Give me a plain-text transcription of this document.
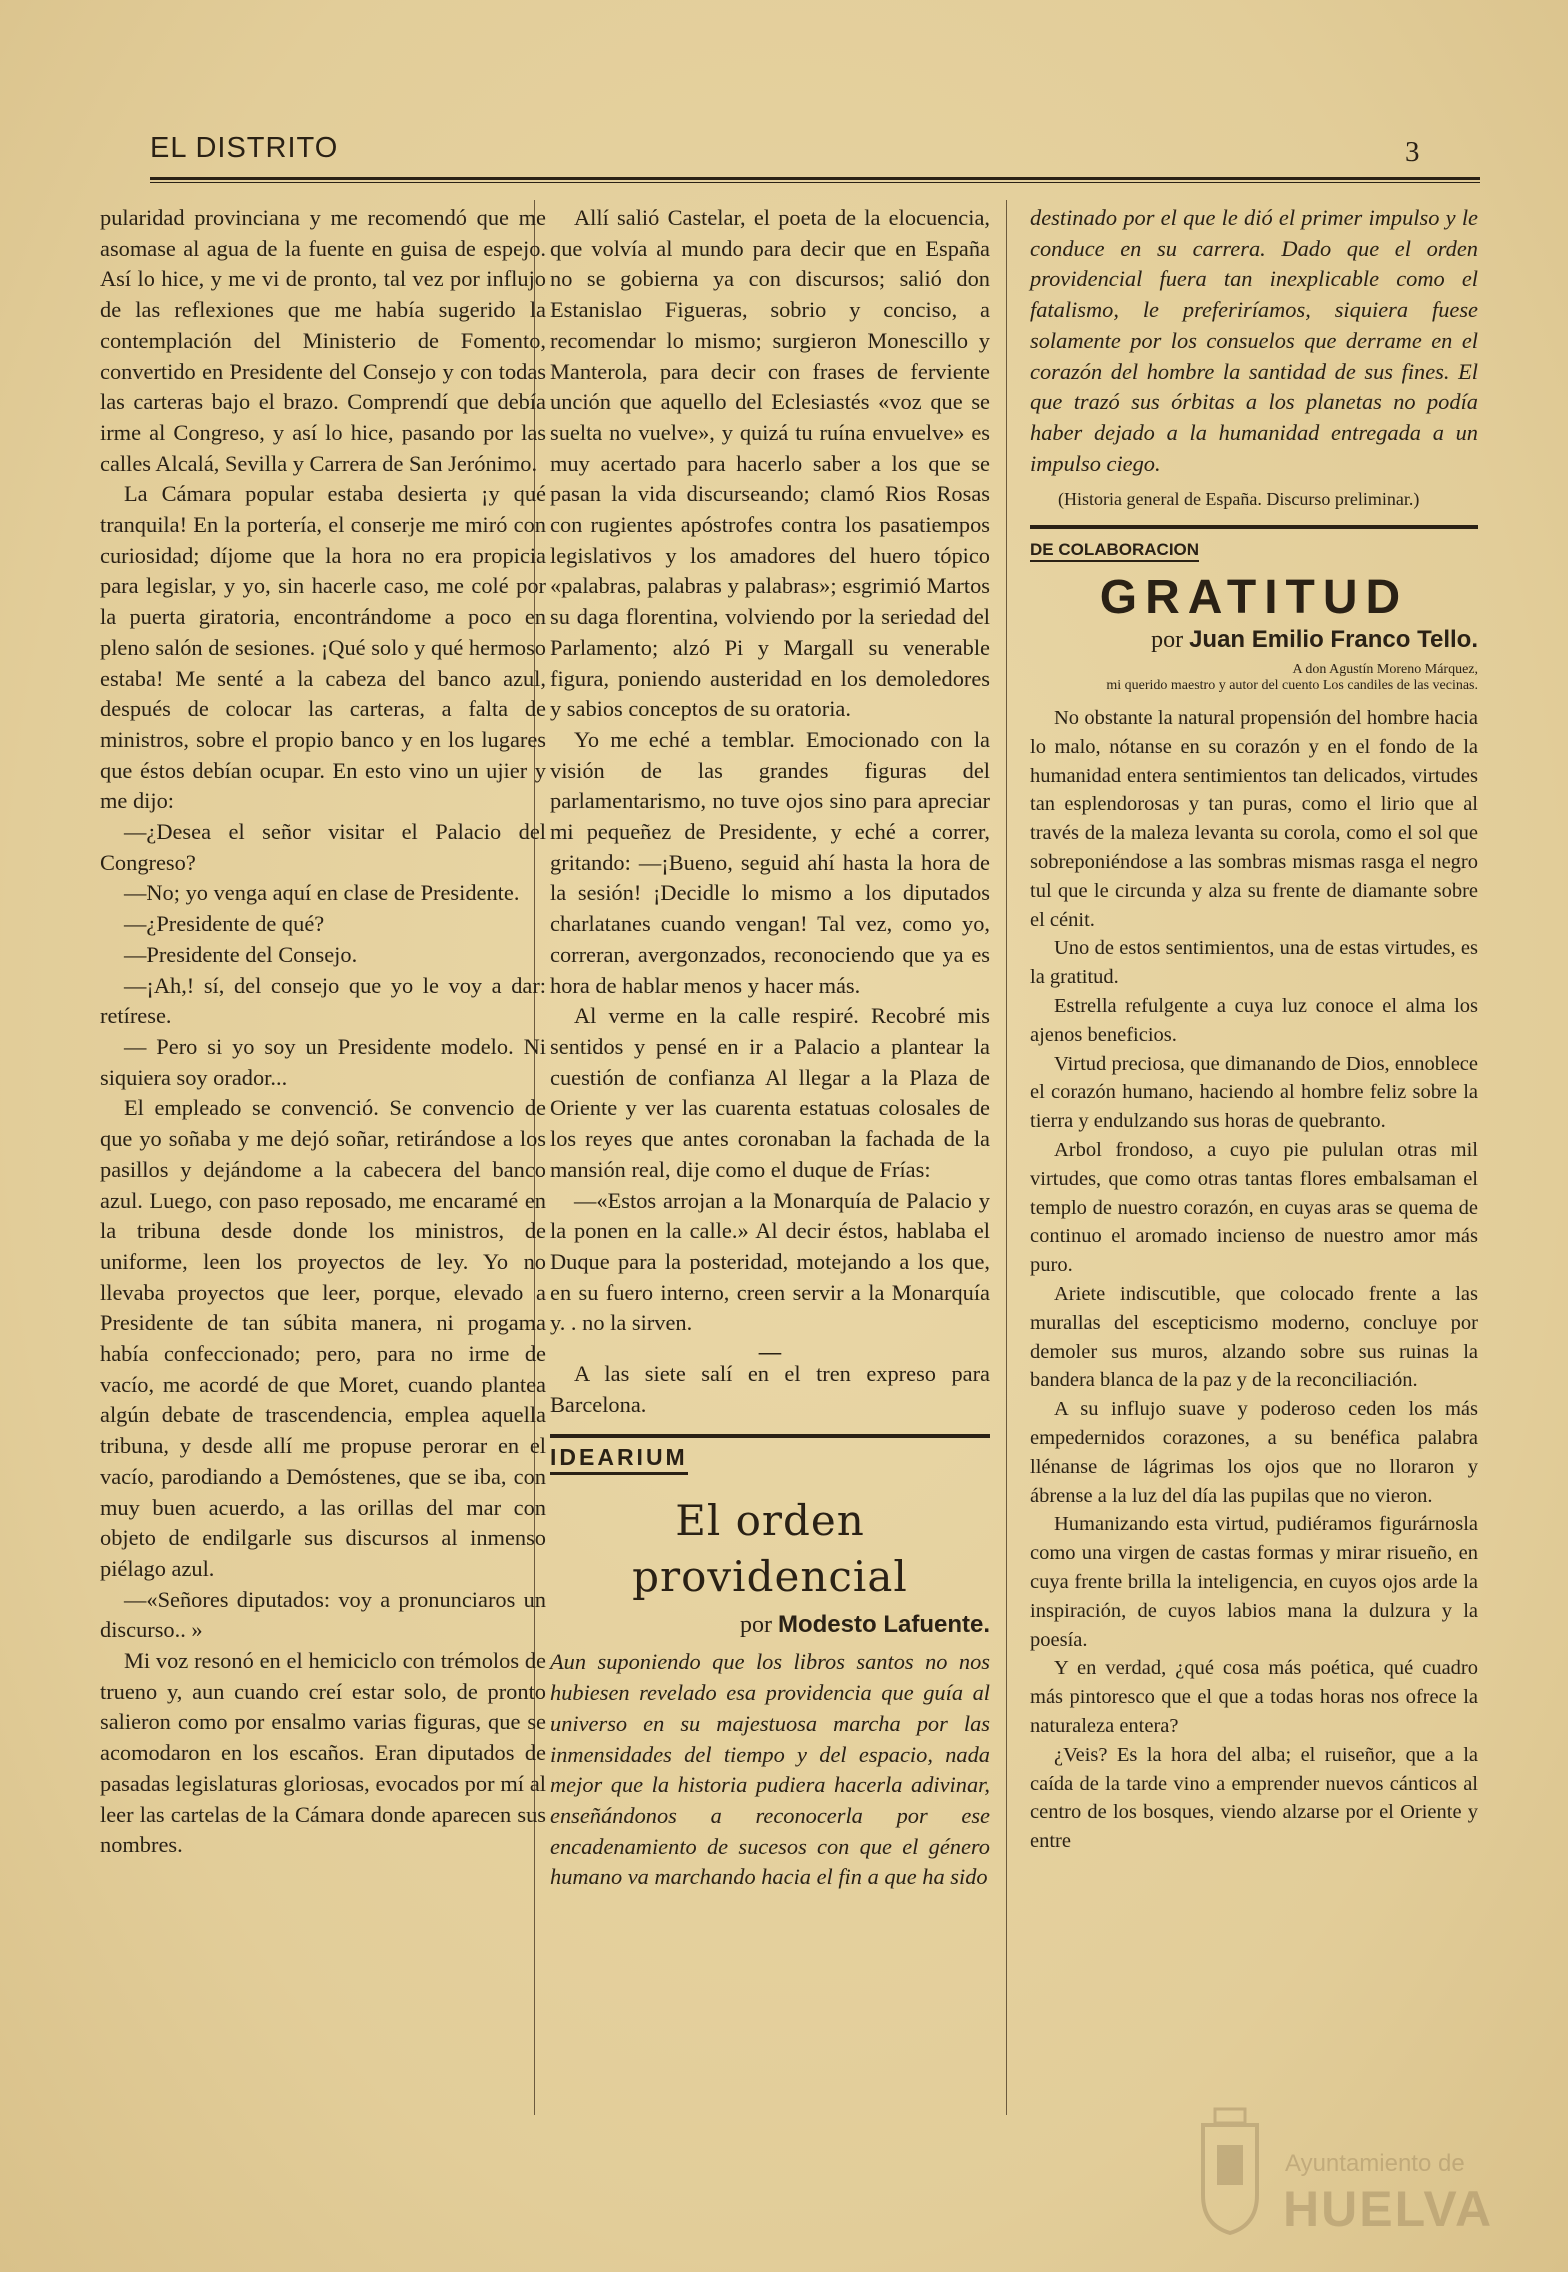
EL DISTRITO	3

pularidad provinciana y me recomendó que me asomase al agua de la fuente en guisa de espejo. Así lo hice, y me vi de pronto, tal vez por influjo de las reflexiones que me había sugerido la contemplación del Ministerio de Fomento, convertido en Presidente del Consejo y con todas las carteras bajo el brazo. Comprendí que debía irme al Congreso, y así lo hice, pasando por las calles Alcalá, Sevilla y Carrera de San Jerónimo.

La Cámara popular estaba desierta ¡y qué tranquila! En la portería, el conserje me miró con curiosidad; díjome que la hora no era propicia para legislar, y yo, sin hacerle caso, me colé por la puerta giratoria, encontrándome a poco en pleno salón de sesiones. ¡Qué solo y qué hermoso estaba! Me senté a la cabeza del banco azul, después de colocar las carteras, a falta de ministros, sobre el propio banco y en los lugares que éstos debían ocupar. En esto vino un ujier y me dijo:

—¿Desea el señor visitar el Palacio del Congreso?

—No; yo venga aquí en clase de Presidente.

—¿Presidente de qué?

—Presidente del Consejo.

—¡Ah,! sí, del consejo que yo le voy a dar: retírese.

— Pero si yo soy un Presidente modelo. Ni siquiera soy orador...

El empleado se convenció. Se convencio de que yo soñaba y me dejó soñar, retirándose a los pasillos y dejándome a la cabecera del banco azul. Luego, con paso reposado, me encaramé en la tribuna desde donde los ministros, de uniforme, leen los proyectos de ley. Yo no llevaba proyectos que leer, porque, elevado a Presidente de tan súbita manera, ni progama había confeccionado; pero, para no irme de vacío, me acordé de que Moret, cuando plantea algún debate de trascendencia, emplea aquella tribuna, y desde allí me propuse perorar en el vacío, parodiando a Demóstenes, que se iba, con muy buen acuerdo, a las orillas del mar con objeto de endilgarle sus discursos al inmenso piélago azul.

—«Señores diputados: voy a pronunciaros un discurso.. »

Mi voz resonó en el hemiciclo con trémolos de trueno y, aun cuando creí estar solo, de pronto salieron como por ensalmo varias figuras, que se acomodaron en los escaños. Eran diputados de pasadas legislaturas gloriosas, evocados por mí al leer las cartelas de la Cámara donde aparecen sus nombres.

Allí salió Castelar, el poeta de la elocuencia, que volvía al mundo para decir que en España no se gobierna ya con discursos; salió don Estanislao Figueras, sobrio y conciso, a recomendar lo mismo; surgieron Monescillo y Manterola, para decir con frases de ferviente unción que aquello del Eclesiastés «voz que se suelta no vuelve», y quizá tu ruína envuelve» es muy acertado para hacerlo saber a los que se pasan la vida discurseando; clamó Rios Rosas con rugientes apóstrofes contra los pasatiempos legislativos y los amadores del huero tópico «palabras, palabras y palabras»; esgrimió Martos su daga florentina, volviendo por la seriedad del Parlamento; alzó Pi y Margall su venerable figura, poniendo austeridad en los demoledores y sabios conceptos de su oratoria.

Yo me eché a temblar. Emocionado con la visión de las grandes figuras del parlamentarismo, no tuve ojos sino para apreciar mi pequeñez de Presidente, y eché a correr, gritando: —¡Bueno, seguid ahí hasta la hora de la sesión! ¡Decidle lo mismo a los diputados charlatanes cuando vengan! Tal vez, como yo, correran, avergonzados, reconociendo que ya es hora de hablar menos y hacer más.

Al verme en la calle respiré. Recobré mis sentidos y pensé en ir a Palacio a plantear la cuestión de confianza Al llegar a la Plaza de Oriente y ver las cuarenta estatuas colosales de los reyes que antes coronaban la fachada de la mansión real, dije como el duque de Frías:

—«Estos arrojan a la Monarquía de Palacio y la ponen en la calle.» Al decir éstos, hablaba el Duque para la posteridad, motejando a los que, en su fuero interno, creen servir a la Monarquía y. . no la sirven.

—

A las siete salí en el tren expreso para Barcelona.

IDEARIUM
El orden providencial
por Modesto Lafuente.

Aun suponiendo que los libros santos no nos hubiesen revelado esa providencia que guía al universo en su majestuosa marcha por las inmensidades del tiempo y del espacio, nada mejor que la historia pudiera hacerla adivinar, enseñándonos a reconocerla por ese encadenamiento de sucesos con que el género humano va marchando hacia el fin a que ha sido

destinado por el que le dió el primer impulso y le conduce en su carrera. Dado que el orden providencial fuera tan inexplicable como el fatalismo, le preferiríamos, siquiera fuese solamente por los consuelos que derrame en el corazón del hombre la santidad de sus fines. El que trazó sus órbitas a los planetas no podía haber dejado a la humanidad entregada a un impulso ciego.

(Historia general de España. Discurso preliminar.)

DE COLABORACION
GRATITUD
por Juan Emilio Franco Tello.
A don Agustín Moreno Márquez,
mi querido maestro y autor del cuento Los candiles de las vecinas.

No obstante la natural propensión del hombre hacia lo malo, nótanse en su corazón y en el fondo de la humanidad entera sentimientos tan delicados, virtudes tan esplendorosas y tan puras, como el lirio que al través de la maleza levanta su corola, como el sol que sobreponiéndose a las sombras mismas rasga el negro tul que le circunda y alza su frente de diamante sobre el cénit.

Uno de estos sentimientos, una de estas virtudes, es la gratitud.

Estrella refulgente a cuya luz conoce el alma los ajenos beneficios.

Virtud preciosa, que dimanando de Dios, ennoblece el corazón humano, haciendo al hombre feliz sobre la tierra y endulzando sus horas de quebranto.

Arbol frondoso, a cuyo pie pululan otras mil virtudes, que como otras tantas flores embalsaman el templo de nuestro corazón, en cuyas aras se quema de continuo el aromado incienso de nuestro amor más puro.

Ariete indiscutible, que colocado frente a las murallas del escepticismo moderno, concluye por demoler sus muros, alzando sobre sus ruinas la bandera blanca de la paz y de la reconciliación.

A su influjo suave y poderoso ceden los más empedernidos corazones, a su benéfica palabra llénanse de lágrimas los ojos que no lloraron y ábrense a la luz del día las pupilas que no vieron.

Humanizando esta virtud, pudiéramos figurárnosla como una virgen de castas formas y mirar risueño, en cuya frente brilla la inteligencia, en cuyos ojos arde la inspiración, de cuyos labios mana la dulzura y la poesía.

Y en verdad, ¿qué cosa más poética, qué cuadro más pintoresco que el que a todas horas nos ofrece la naturaleza entera?

¿Veis? Es la hora del alba; el ruiseñor, que a la caída de la tarde vino a emprender nuevos cánticos al centro de los bosques, viendo alzarse por el Oriente y entre

Ayuntamiento de
HUELVA
